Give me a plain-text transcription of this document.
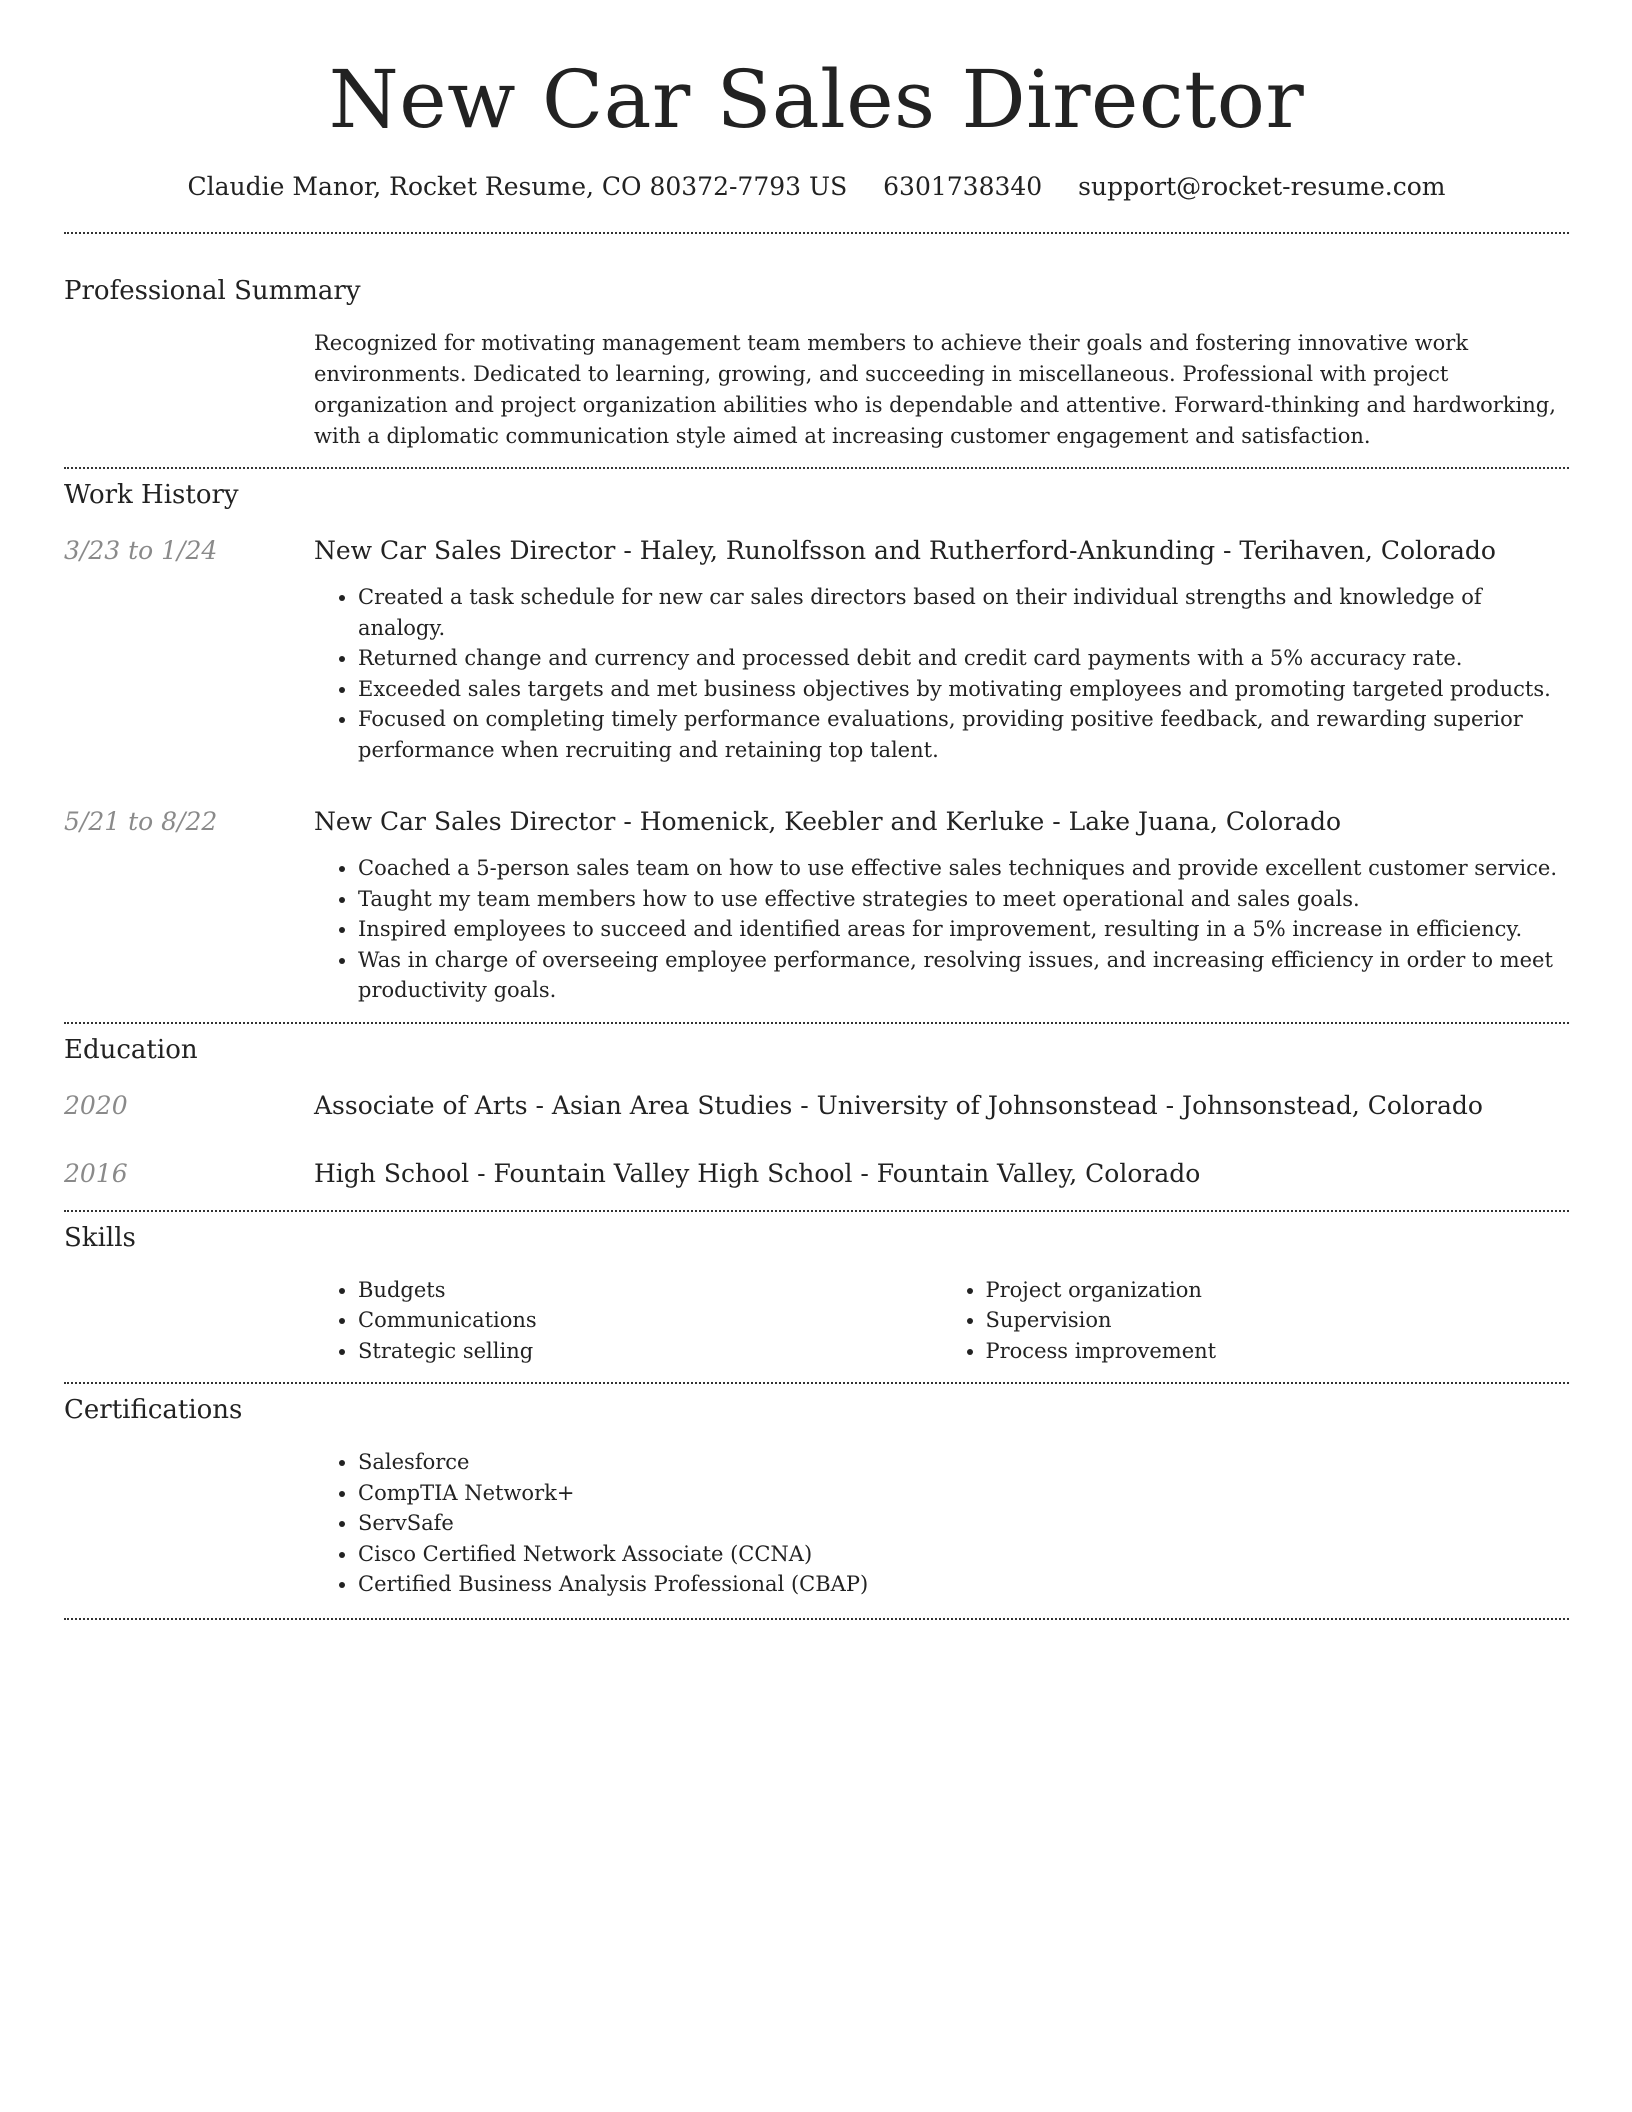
New Car Sales Director
Claudie Manor, Rocket Resume, CO 80372-7793 US 6301738340 support@rocket-resume.com
Professional Summary

Recognized for motivating management team members to achieve their goals and fostering innovative work environments. Dedicated to learning, growing, and succeeding in miscellaneous. Professional with project organization and project organization abilities who is dependable and attentive. Forward-thinking and hardworking, with a diplomatic communication style aimed at increasing customer engagement and satisfaction.

Work History
3/23 to 1/24	New Car Sales Director - Haley, Runolfsson and Rutherford-Ankunding - Terihaven, Colorado
• Created a task schedule for new car sales directors based on their individual strengths and knowledge of analogy.
• Returned change and currency and processed debit and credit card payments with a 5% accuracy rate.
• Exceeded sales targets and met business objectives by motivating employees and promoting targeted products.
• Focused on completing timely performance evaluations, providing positive feedback, and rewarding superior performance when recruiting and retaining top talent.
5/21 to 8/22	New Car Sales Director - Homenick, Keebler and Kerluke - Lake Juana, Colorado
• Coached a 5-person sales team on how to use effective sales techniques and provide excellent customer service.
• Taught my team members how to use effective strategies to meet operational and sales goals.
• Inspired employees to succeed and identified areas for improvement, resulting in a 5% increase in efficiency.
• Was in charge of overseeing employee performance, resolving issues, and increasing efficiency in order to meet productivity goals.
Education
2020	Associate of Arts - Asian Area Studies - University of Johnsonstead - Johnsonstead, Colorado
2016	High School - Fountain Valley High School - Fountain Valley, Colorado
Skills
• Budgets
• Communications
• Strategic selling
• Project organization
• Supervision
• Process improvement
Certifications
• Salesforce
• CompTIA Network+
• ServSafe
• Cisco Certified Network Associate (CCNA)
• Certified Business Analysis Professional (CBAP)
